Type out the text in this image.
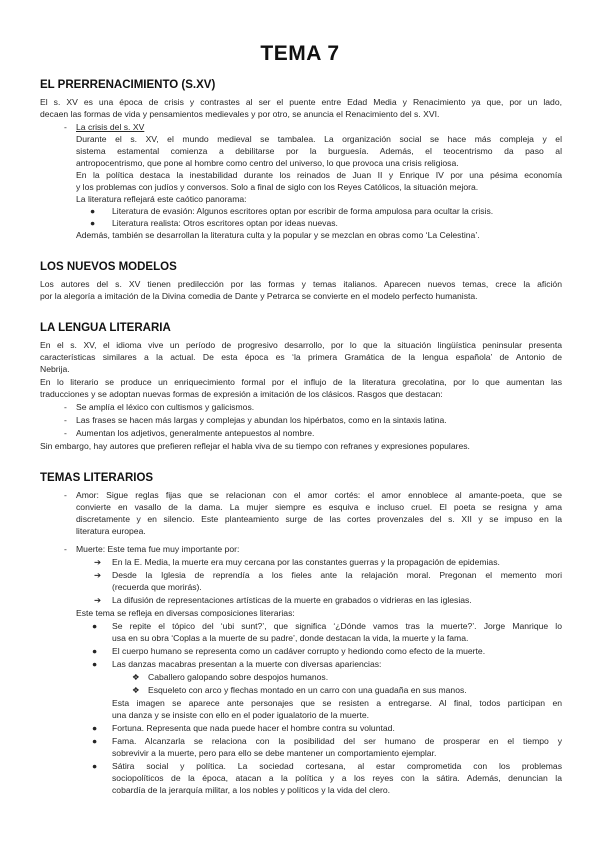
TEMA 7
EL PRERRENACIMIENTO (S.XV)
El s. XV es una época de crisis y contrastes al ser el puente entre Edad Media y Renacimiento ya que, por un lado,
decaen las formas de vida y pensamientos medievales y por otro, se anuncia el Renacimiento del s. XVI.
- La crisis del s. XV
Durante el s. XV, el mundo medieval se tambalea. La organización social se hace más compleja y el
sistema estamental comienza a debilitarse por la burguesía. Además, el teocentrismo da paso al
antropocentrismo, que pone al hombre como centro del universo, lo que provoca una crisis religiosa.
En la política destaca la inestabilidad durante los reinados de Juan II y Enrique IV por una pésima economía
y los problemas con judíos y conversos. Solo a final de siglo con los Reyes Católicos, la situación mejora.
La literatura reflejará este caótico panorama:
● Literatura de evasión: Algunos escritores optan por escribir de forma ampulosa para ocultar la crisis.
● Literatura realista: Otros escritores optan por ideas nuevas.
Además, también se desarrollan la literatura culta y la popular y se mezclan en obras como ‘La Celestina’.
LOS NUEVOS MODELOS
Los autores del s. XV tienen predilección por las formas y temas italianos. Aparecen nuevos temas, crece la afición
por la alegoría a imitación de la Divina comedia de Dante y Petrarca se convierte en el modelo perfecto humanista.
LA LENGUA LITERARIA
En el s. XV, el idioma vive un período de progresivo desarrollo, por lo que la situación lingüística peninsular presenta
características similares a la actual. De esta época es ‘la primera Gramática de la lengua española’ de Antonio de
Nebrija.
En lo literario se produce un enriquecimiento formal por el influjo de la literatura grecolatina, por lo que aumentan las
traducciones y se adoptan nuevas formas de expresión a imitación de los clásicos. Rasgos que destacan:
- Se amplía el léxico con cultismos y galicismos.
- Las frases se hacen más largas y complejas y abundan los hipérbatos, como en la sintaxis latina.
- Aumentan los adjetivos, generalmente antepuestos al nombre.
Sin embargo, hay autores que prefieren reflejar el habla viva de su tiempo con refranes y expresiones populares.
TEMAS LITERARIOS
- Amor: Sigue reglas fijas que se relacionan con el amor cortés: el amor ennoblece al amante-poeta, que se
convierte en vasallo de la dama. La mujer siempre es esquiva e incluso cruel. El poeta se resigna y ama
discretamente y en silencio. Este planteamiento surge de las cortes provenzales del s. XII y se impuso en la
literatura europea.
- Muerte: Este tema fue muy importante por:
➔ En la E. Media, la muerte era muy cercana por las constantes guerras y la propagación de epidemias.
➔ Desde la Iglesia de reprendía a los fieles ante la relajación moral. Pregonan el memento mori
(recuerda que morirás).
➔ La difusión de representaciones artísticas de la muerte en grabados o vidrieras en las iglesias.
Este tema se refleja en diversas composiciones literarias:
● Se repite el tópico del ‘ubi sunt?’, que significa ‘¿Dónde vamos tras la muerte?’. Jorge Manrique lo
usa en su obra ‘Coplas a la muerte de su padre’, donde destacan la vida, la muerte y la fama.
● El cuerpo humano se representa como un cadáver corrupto y hediondo como efecto de la muerte.
● Las danzas macabras presentan a la muerte con diversas apariencias:
❖ Caballero galopando sobre despojos humanos.
❖ Esqueleto con arco y flechas montado en un carro con una guadaña en sus manos.
Esta imagen se aparece ante personajes que se resisten a entregarse. Al final, todos participan en
una danza y se insiste con ello en el poder igualatorio de la muerte.
● Fortuna. Representa que nada puede hacer el hombre contra su voluntad.
● Fama. Alcanzarla se relaciona con la posibilidad del ser humano de prosperar en el tiempo y
sobrevivir a la muerte, pero para ello se debe mantener un comportamiento ejemplar.
● Sátira social y política. La sociedad cortesana, al estar comprometida con los problemas
sociopolíticos de la época, atacan a la política y a los reyes con la sátira. Además, denuncian la
cobardía de la jerarquía militar, a los nobles y políticos y la vida del clero.
